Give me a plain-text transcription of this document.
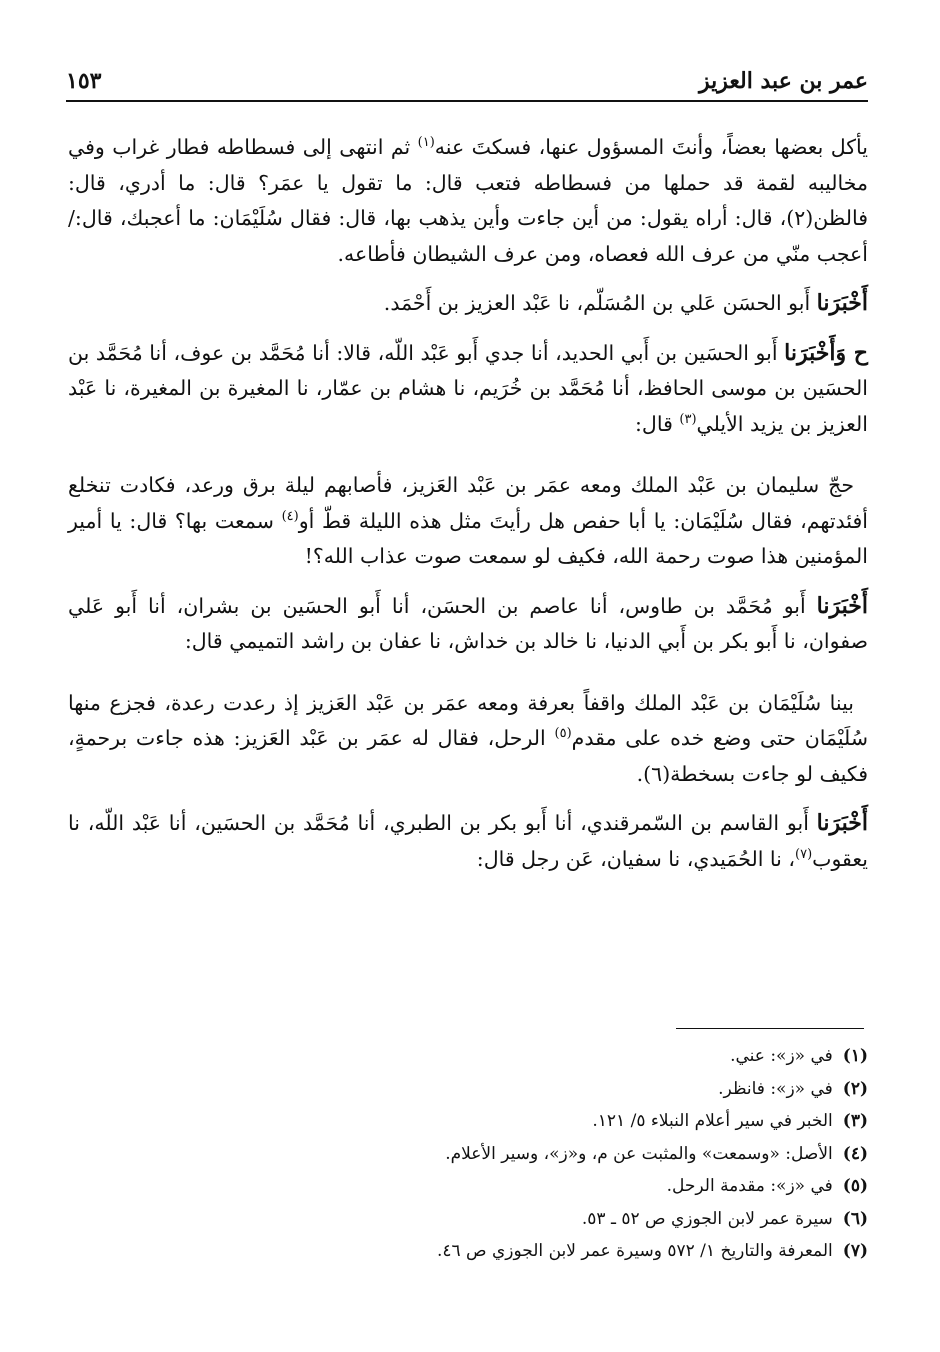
عمر بن عبد العزيز
١٥٣

يأكل بعضها بعضاً، وأنتَ المسؤول عنها، فسكتَ عنه$^{(١)}$ ثم انتهى إلى فسطاطه فطار غراب وفي مخاليبه لقمة قد حملها من فسطاطه فتعب قال: ما تقول يا عمَر؟ قال: ما أدري، قال: فالظن(٢)، قال: أراه يقول: من أين جاءت وأين يذهب بها، قال: فقال سُلَيْمَان: ما أعجبك، قال:/أعجب منّي من عرف الله فعصاه، ومن عرف الشيطان فأطاعه.

أَخْبَرَنا أَبو الحسَن عَلي بن المُسَلّم، نا عَبْد العزيز بن أَحْمَد.

ح وَأَخْبَرَنا أَبو الحسَين بن أَبي الحديد، أنا جدي أَبو عَبْد اللّه، قالا: أنا مُحَمَّد بن عوف، أنا مُحَمَّد بن الحسَين بن موسى الحافظ، أنا مُحَمَّد بن خُرَيم، نا هشام بن عمّار، نا المغيرة بن المغيرة، نا عَبْد العزيز بن يزيد الأيلي$^{(٣)}$ قال:

حجّ سليمان بن عَبْد الملك ومعه عمَر بن عَبْد العَزيز، فأصابهم ليلة برق ورعد، فكادت تنخلع أفئدتهم، فقال سُلَيْمَان: يا أبا حفص هل رأيتَ مثل هذه الليلة قطّ أو$^{(٤)}$ سمعت بها؟ قال: يا أمير المؤمنين هذا صوت رحمة الله، فكيف لو سمعت صوت عذاب الله؟!

أَخْبَرَنا أَبو مُحَمَّد بن طاوس، أنا عاصم بن الحسَن، أنا أَبو الحسَين بن بشران، أنا أَبو عَلي صفوان، نا أَبو بكر بن أَبي الدنيا، نا خالد بن خداش، نا عفان بن راشد التميمي قال:

بينا سُلَيْمَان بن عَبْد الملك واقفاً بعرفة ومعه عمَر بن عَبْد العَزيز إذ رعدت رعدة، فجزع منها سُلَيْمَان حتى وضع خده على مقدم$^{(٥)}$ الرحل، فقال له عمَر بن عَبْد العَزيز: هذه جاءت برحمةٍ، فكيف لو جاءت بسخطة(٦).

أَخْبَرَنا أَبو القاسم بن السّمرقندي، أنا أَبو بكر بن الطبري، أنا مُحَمَّد بن الحسَين، أنا عَبْد اللّه، نا يعقوب$^{(٧)}$، نا الحُمَيدي، نا سفيان، عَن رجل قال:

(١)
في «ز»: عني.
(٢)
في «ز»: فانظر.
(٣)
الخبر في سير أعلام النبلاء ٥/ ١٢١.
(٤)
الأصل: «وسمعت» والمثبت عن م، و«ز»، وسير الأعلام.
(٥)
في «ز»: مقدمة الرحل.
(٦)
سيرة عمر لابن الجوزي ص ٥٢ ـ ٥٣.
(٧)
المعرفة والتاريخ ١/ ٥٧٢ وسيرة عمر لابن الجوزي ص ٤٦.
